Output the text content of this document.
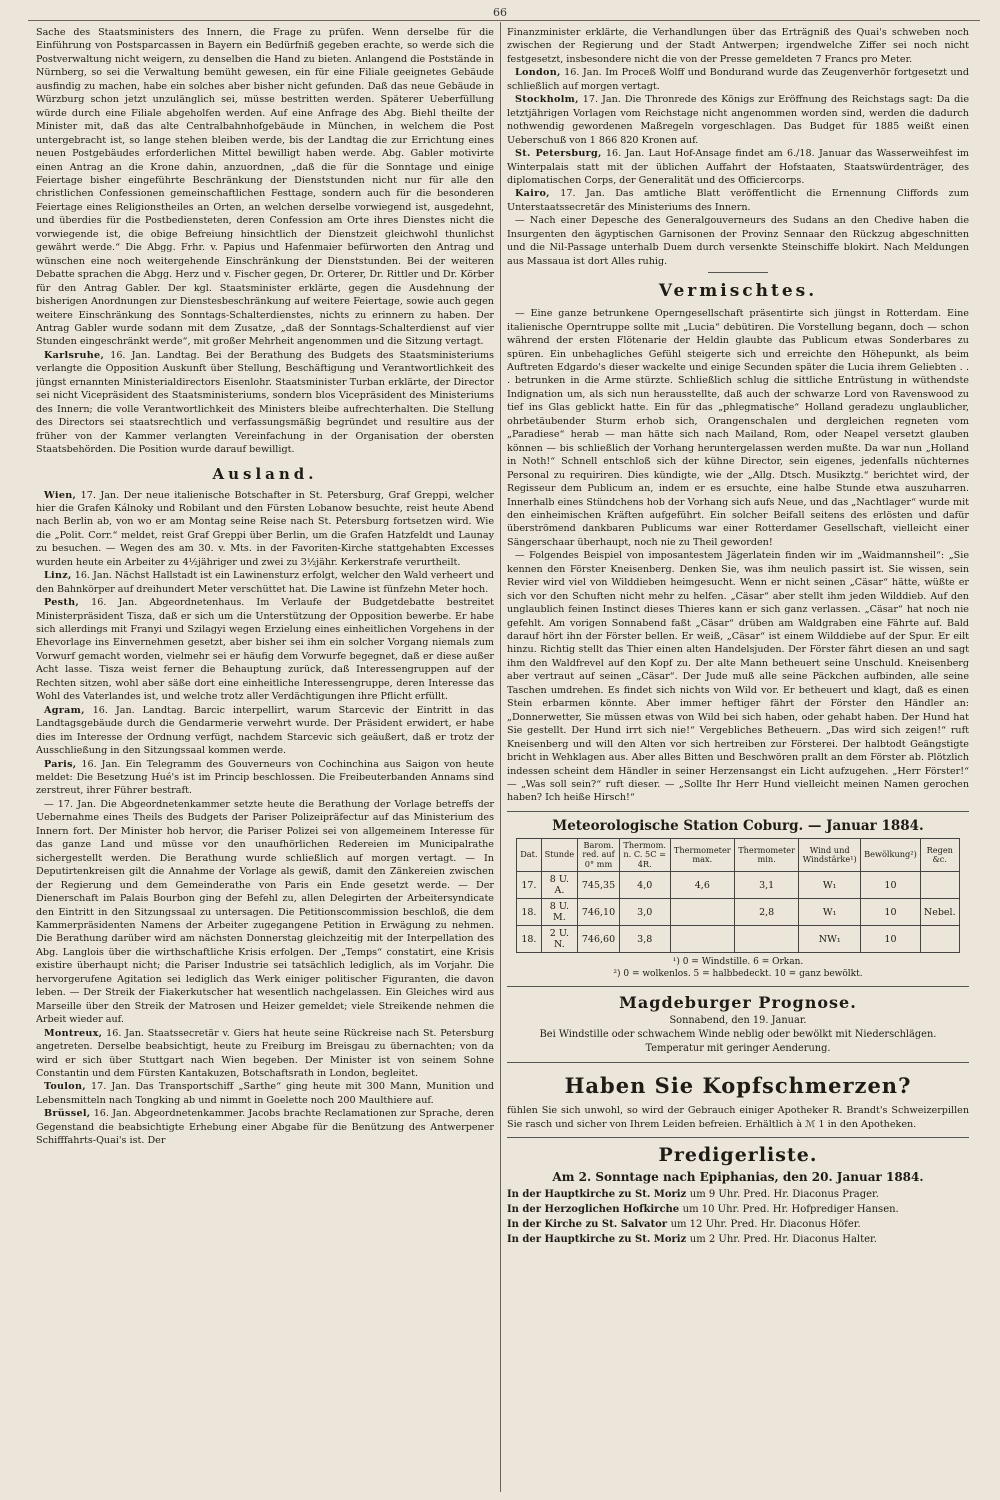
66

Sache des Staatsministers des Innern, die Frage zu prüfen. Wenn derselbe für die Einführung von Postsparcassen in Bayern ein Bedürfniß gegeben erachte, so werde sich die Postverwaltung nicht weigern, zu denselben die Hand zu bieten. Anlangend die Poststände in Nürnberg, so sei die Verwaltung bemüht gewesen, ein für eine Filiale geeignetes Gebäude ausfindig zu machen, habe ein solches aber bisher nicht gefunden. Daß das neue Gebäude in Würzburg schon jetzt unzulänglich sei, müsse bestritten werden. Späterer Ueberfüllung würde durch eine Filiale abgeholfen werden. Auf eine Anfrage des Abg. Biehl theilte der Minister mit, daß das alte Centralbahnhofgebäude in München, in welchem die Post untergebracht ist, so lange stehen bleiben werde, bis der Landtag die zur Errichtung eines neuen Postgebäudes erforderlichen Mittel bewilligt haben werde. Abg. Gabler motivirte einen Antrag an die Krone dahin, anzuordnen, „daß die für die Sonntage und einige Feiertage bisher eingeführte Beschränkung der Dienststunden nicht nur für alle den christlichen Confessionen gemeinschaftlichen Festtage, sondern auch für die besonderen Feiertage eines Religionstheiles an Orten, an welchen derselbe vorwiegend ist, ausgedehnt, und überdies für die Postbediensteten, deren Confession am Orte ihres Dienstes nicht die vorwiegende ist, die obige Befreiung hinsichtlich der Dienstzeit gleichwohl thunlichst gewährt werde.“ Die Abgg. Frhr. v. Papius und Hafenmaier befürworten den Antrag und wünschen eine noch weitergehende Einschränkung der Dienststunden. Bei der weiteren Debatte sprachen die Abgg. Herz und v. Fischer gegen, Dr. Orterer, Dr. Rittler und Dr. Körber für den Antrag Gabler. Der kgl. Staatsminister erklärte, gegen die Ausdehnung der bisherigen Anordnungen zur Dienstesbeschränkung auf weitere Feiertage, sowie auch gegen weitere Einschränkung des Sonntags-Schalterdienstes, nichts zu erinnern zu haben. Der Antrag Gabler wurde sodann mit dem Zusatze, „daß der Sonntags-Schalterdienst auf vier Stunden eingeschränkt werde“, mit großer Mehrheit angenommen und die Sitzung vertagt.

Karlsruhe, 16. Jan. Landtag. Bei der Berathung des Budgets des Staatsministeriums verlangte die Opposition Auskunft über Stellung, Beschäftigung und Verantwortlichkeit des jüngst ernannten Ministerialdirectors Eisenlohr. Staatsminister Turban erklärte, der Director sei nicht Vicepräsident des Staatsministeriums, sondern blos Vicepräsident des Ministeriums des Innern; die volle Verantwortlichkeit des Ministers bleibe aufrechterhalten. Die Stellung des Directors sei staatsrechtlich und verfassungsmäßig begründet und resultire aus der früher von der Kammer verlangten Vereinfachung in der Organisation der obersten Staatsbehörden. Die Position wurde darauf bewilligt.

Ausland.

Wien, 17. Jan. Der neue italienische Botschafter in St. Petersburg, Graf Greppi, welcher hier die Grafen Kálnoky und Robilant und den Fürsten Lobanow besuchte, reist heute Abend nach Berlin ab, von wo er am Montag seine Reise nach St. Petersburg fortsetzen wird. Wie die „Polit. Corr.“ meldet, reist Graf Greppi über Berlin, um die Grafen Hatzfeldt und Launay zu besuchen. — Wegen des am 30. v. Mts. in der Favoriten-Kirche stattgehabten Excesses wurden heute ein Arbeiter zu 4½jähriger und zwei zu 3½jähr. Kerkerstrafe verurtheilt.

Linz, 16. Jan. Nächst Hallstadt ist ein Lawinensturz erfolgt, welcher den Wald verheert und den Bahnkörper auf dreihundert Meter verschüttet hat. Die Lawine ist fünfzehn Meter hoch.

Pesth, 16. Jan. Abgeordnetenhaus. Im Verlaufe der Budgetdebatte bestreitet Ministerpräsident Tisza, daß er sich um die Unterstützung der Opposition bewerbe. Er habe sich allerdings mit Franyi und Szilagyi wegen Erzielung eines einheitlichen Vorgehens in der Ehevorlage ins Einvernehmen gesetzt, aber bisher sei ihm ein solcher Vorgang niemals zum Vorwurf gemacht worden, vielmehr sei er häufig dem Vorwurfe begegnet, daß er diese außer Acht lasse. Tisza weist ferner die Behauptung zurück, daß Interessengruppen auf der Rechten sitzen, wohl aber säße dort eine einheitliche Interessengruppe, deren Interesse das Wohl des Vaterlandes ist, und welche trotz aller Verdächtigungen ihre Pflicht erfüllt.

Agram, 16. Jan. Landtag. Barcic interpellirt, warum Starcevic der Eintritt in das Landtagsgebäude durch die Gendarmerie verwehrt wurde. Der Präsident erwidert, er habe dies im Interesse der Ordnung verfügt, nachdem Starcevic sich geäußert, daß er trotz der Ausschließung in den Sitzungssaal kommen werde.

Paris, 16. Jan. Ein Telegramm des Gouverneurs von Cochinchina aus Saigon von heute meldet: Die Besetzung Hué's ist im Princip beschlossen. Die Freibeuterbanden Annams sind zerstreut, ihrer Führer bestraft.

— 17. Jan. Die Abgeordnetenkammer setzte heute die Berathung der Vorlage betreffs der Uebernahme eines Theils des Budgets der Pariser Polizeipräfectur auf das Ministerium des Innern fort. Der Minister hob hervor, die Pariser Polizei sei von allgemeinem Interesse für das ganze Land und müsse vor den unaufhörlichen Redereien im Municipalrathe sichergestellt werden. Die Berathung wurde schließlich auf morgen vertagt. — In Deputirtenkreisen gilt die Annahme der Vorlage als gewiß, damit den Zänkereien zwischen der Regierung und dem Gemeinderathe von Paris ein Ende gesetzt werde. — Der Dienerschaft im Palais Bourbon ging der Befehl zu, allen Delegirten der Arbeitersyndicate den Eintritt in den Sitzungssaal zu untersagen. Die Petitionscommission beschloß, die dem Kammerpräsidenten Namens der Arbeiter zugegangene Petition in Erwägung zu nehmen. Die Berathung darüber wird am nächsten Donnerstag gleichzeitig mit der Interpellation des Abg. Langlois über die wirthschaftliche Krisis erfolgen. Der „Temps“ constatirt, eine Krisis existire überhaupt nicht; die Pariser Industrie sei tatsächlich lediglich, als im Vorjahr. Die hervorgerufene Agitation sei lediglich das Werk einiger politischer Figuranten, die davon leben. — Der Streik der Fiakerkutscher hat wesentlich nachgelassen. Ein Gleiches wird aus Marseille über den Streik der Matrosen und Heizer gemeldet; viele Streikende nehmen die Arbeit wieder auf.

Montreux, 16. Jan. Staatssecretär v. Giers hat heute seine Rückreise nach St. Petersburg angetreten. Derselbe beabsichtigt, heute zu Freiburg im Breisgau zu übernachten; von da wird er sich über Stuttgart nach Wien begeben. Der Minister ist von seinem Sohne Constantin und dem Fürsten Kantakuzen, Botschaftsrath in London, begleitet.

Toulon, 17. Jan. Das Transportschiff „Sarthe“ ging heute mit 300 Mann, Munition und Lebensmitteln nach Tongking ab und nimmt in Goelette noch 200 Maulthiere auf.

Brüssel, 16. Jan. Abgeordnetenkammer. Jacobs brachte Reclamationen zur Sprache, deren Gegenstand die beabsichtigte Erhebung einer Abgabe für die Benützung des Antwerpener Schifffahrts-Quai's ist. Der

Finanzminister erklärte, die Verhandlungen über das Erträgniß des Quai's schweben noch zwischen der Regierung und der Stadt Antwerpen; irgendwelche Ziffer sei noch nicht festgesetzt, insbesondere nicht die von der Presse gemeldeten 7 Francs pro Meter.

London, 16. Jan. Im Proceß Wolff und Bondurand wurde das Zeugenverhör fortgesetzt und schließlich auf morgen vertagt.

Stockholm, 17. Jan. Die Thronrede des Königs zur Eröffnung des Reichstags sagt: Da die letztjährigen Vorlagen vom Reichstage nicht angenommen worden sind, werden die dadurch nothwendig gewordenen Maßregeln vorgeschlagen. Das Budget für 1885 weißt einen Ueberschuß von 1 866 820 Kronen auf.

St. Petersburg, 16. Jan. Laut Hof-Ansage findet am 6./18. Januar das Wasserweihfest im Winterpalais statt mit der üblichen Auffahrt der Hofstaaten, Staatswürdenträger, des diplomatischen Corps, der Generalität und des Officiercorps.

Kairo, 17. Jan. Das amtliche Blatt veröffentlicht die Ernennung Cliffords zum Unterstaatssecretär des Ministeriums des Innern.

— Nach einer Depesche des Generalgouverneurs des Sudans an den Chedive haben die Insurgenten den ägyptischen Garnisonen der Provinz Sennaar den Rückzug abgeschnitten und die Nil-Passage unterhalb Duem durch versenkte Steinschiffe blokirt. Nach Meldungen aus Massaua ist dort Alles ruhig.

Vermischtes.

— Eine ganze betrunkene Operngesellschaft präsentirte sich jüngst in Rotterdam. Eine italienische Operntruppe sollte mit „Lucia“ debütiren. Die Vorstellung begann, doch — schon während der ersten Flötenarie der Heldin glaubte das Publicum etwas Sonderbares zu spüren. Ein unbehagliches Gefühl steigerte sich und erreichte den Höhepunkt, als beim Auftreten Edgardo's dieser wackelte und einige Secunden später die Lucia ihrem Geliebten . . . betrunken in die Arme stürzte. Schließlich schlug die sittliche Entrüstung in wüthendste Indignation um, als sich nun herausstellte, daß auch der schwarze Lord von Ravenswood zu tief ins Glas geblickt hatte. Ein für das „phlegmatische“ Holland geradezu unglaublicher, ohrbetäubender Sturm erhob sich, Orangenschalen und dergleichen regneten vom „Paradiese“ herab — man hätte sich nach Mailand, Rom, oder Neapel versetzt glauben können — bis schließlich der Vorhang heruntergelassen werden mußte. Da war nun „Holland in Noth!“ Schnell entschloß sich der kühne Director, sein eigenes, jedenfalls nüchternes Personal zu requiriren. Dies kündigte, wie der „Allg. Dtsch. Musikztg.“ berichtet wird, der Regisseur dem Publicum an, indem er es ersuchte, eine halbe Stunde etwa auszuharren. Innerhalb eines Stündchens hob der Vorhang sich aufs Neue, und das „Nachtlager“ wurde mit den einheimischen Kräften aufgeführt. Ein solcher Beifall seitens des erlösten und dafür überströmend dankbaren Publicums war einer Rotterdamer Gesellschaft, vielleicht einer Sängerschaar überhaupt, noch nie zu Theil geworden!

— Folgendes Beispiel von imposantestem Jägerlatein finden wir im „Waidmannsheil“: „Sie kennen den Förster Kneisenberg. Denken Sie, was ihm neulich passirt ist. Sie wissen, sein Revier wird viel von Wilddieben heimgesucht. Wenn er nicht seinen „Cäsar“ hätte, wüßte er sich vor den Schuften nicht mehr zu helfen. „Cäsar“ aber stellt ihm jeden Wilddieb. Auf den unglaublich feinen Instinct dieses Thieres kann er sich ganz verlassen. „Cäsar“ hat noch nie gefehlt. Am vorigen Sonnabend faßt „Cäsar“ drüben am Waldgraben eine Fährte auf. Bald darauf hört ihn der Förster bellen. Er weiß, „Cäsar“ ist einem Wilddiebe auf der Spur. Er eilt hinzu. Richtig stellt das Thier einen alten Handelsjuden. Der Förster fährt diesen an und sagt ihm den Waldfrevel auf den Kopf zu. Der alte Mann betheuert seine Unschuld. Kneisenberg aber vertraut auf seinen „Cäsar“. Der Jude muß alle seine Päckchen aufbinden, alle seine Taschen umdrehen. Es findet sich nichts von Wild vor. Er betheuert und klagt, daß es einen Stein erbarmen könnte. Aber immer heftiger fährt der Förster den Händler an: „Donnerwetter, Sie müssen etwas von Wild bei sich haben, oder gehabt haben. Der Hund hat Sie gestellt. Der Hund irrt sich nie!“ Vergebliches Betheuern. „Das wird sich zeigen!“ ruft Kneisenberg und will den Alten vor sich hertreiben zur Försterei. Der halbtodt Geängstigte bricht in Wehklagen aus. Aber alles Bitten und Beschwören prallt an dem Förster ab. Plötzlich indessen scheint dem Händler in seiner Herzensangst ein Licht aufzugehen. „Herr Förster!“ — „Was soll sein?“ ruft dieser. — „Sollte Ihr Herr Hund vielleicht meinen Namen gerochen haben? Ich heiße Hirsch!“

Meteorologische Station Coburg. — Januar 1884.
Dat.	Stunde	Barom. red. auf 0° mm	Thermom. n. C. 5C = 4R.	Thermometer max.	Thermometer min.	Wind und Windstärke¹)	Bewölkung²)	Regen &c.
17.	8 U. A.	745,35	4,0	4,6	3,1	W₁	10	
18.	8 U. M.	746,10	3,0		2,8	W₁	10	Nebel.
18.	2 U. N.	746,60	3,8			NW₁	10	
¹) 0 = Windstille. 6 = Orkan.
²) 0 = wolkenlos. 5 = halbbedeckt. 10 = ganz bewölkt.
Magdeburger Prognose.
Sonnabend, den 19. Januar.
Bei Windstille oder schwachem Winde neblig oder bewölkt mit Niederschlägen.
Temperatur mit geringer Aenderung.
Haben Sie Kopfschmerzen?

fühlen Sie sich unwohl, so wird der Gebrauch einiger Apotheker R. Brandt's Schweizerpillen Sie rasch und sicher von Ihrem Leiden befreien. Erhältlich à ℳ 1 in den Apotheken.

Predigerliste.
Am 2. Sonntage nach Epiphanias, den 20. Januar 1884.
In der Hauptkirche zu St. Moriz um 9 Uhr. Pred. Hr. Diaconus Prager.
In der Herzoglichen Hofkirche um 10 Uhr. Pred. Hr. Hofprediger Hansen.
In der Kirche zu St. Salvator um 12 Uhr. Pred. Hr. Diaconus Höfer.
In der Hauptkirche zu St. Moriz um 2 Uhr. Pred. Hr. Diaconus Halter.
